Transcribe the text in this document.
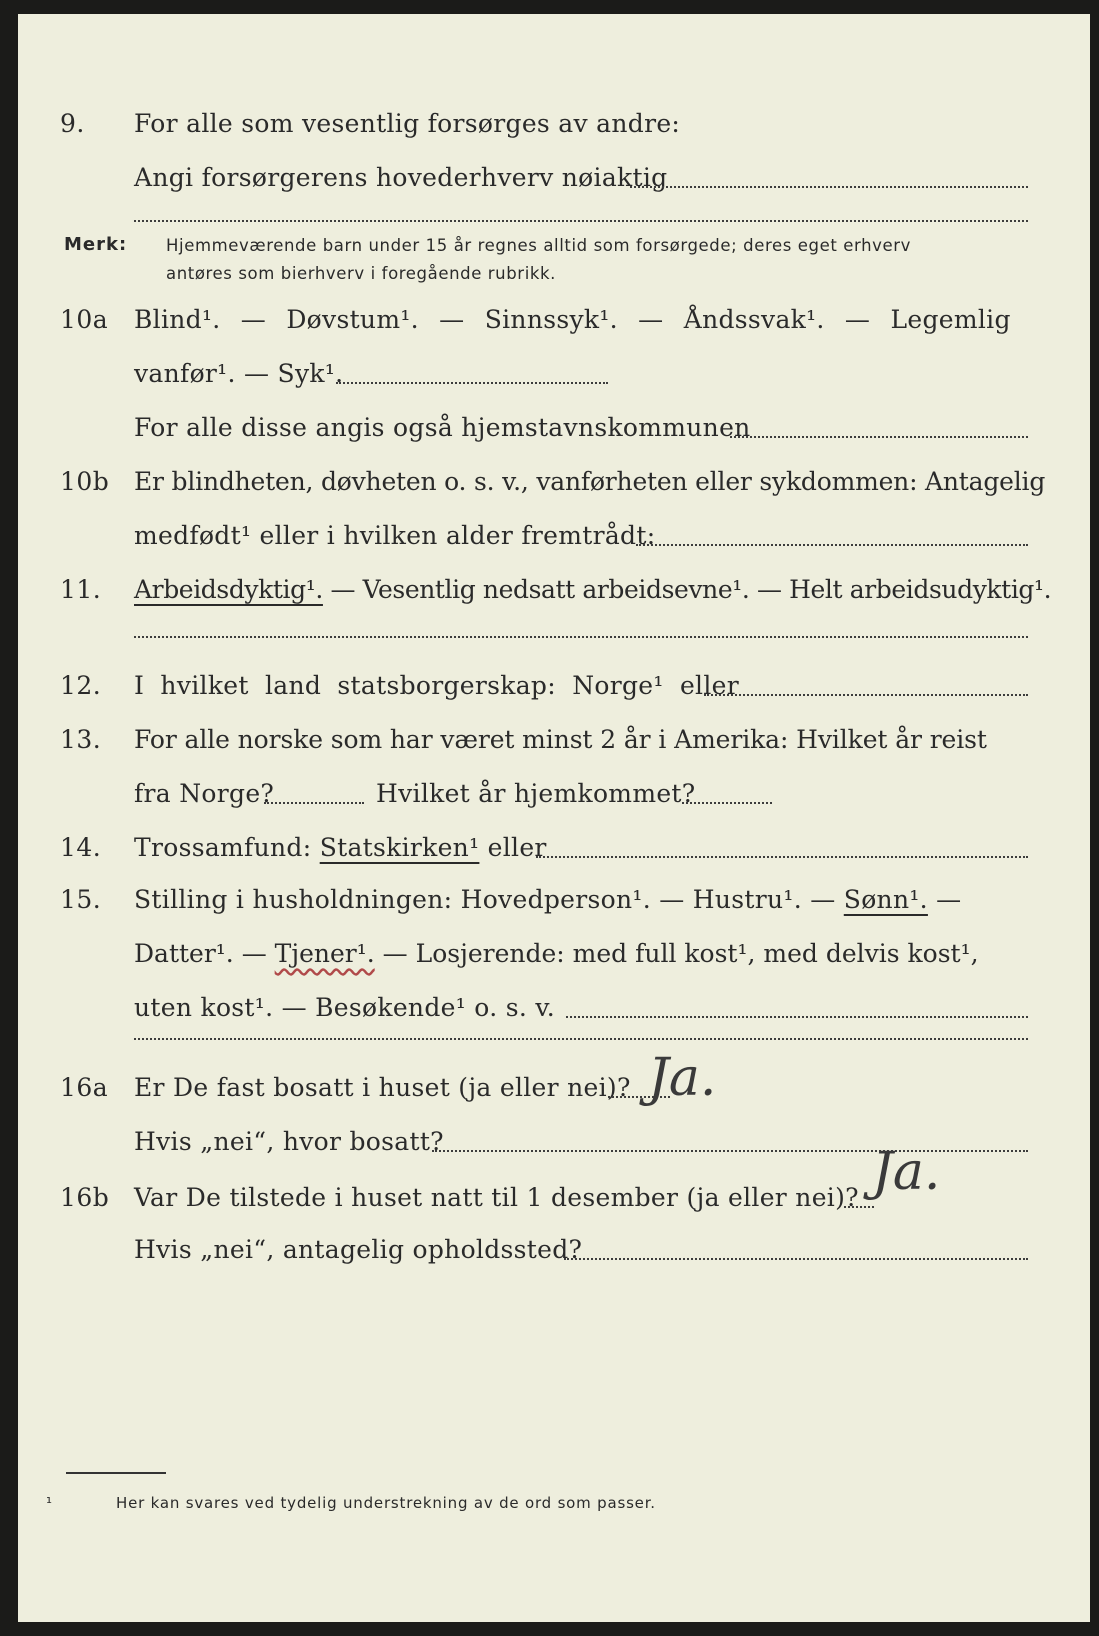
9. For alle som vesentlig forsørges av andre:
Angi forsørgerens hovederhverv nøiaktig
Merk: Hjemmeværende barn under 15 år regnes alltid som forsørgede; deres eget erhverv
antøres som bierhverv i foregående rubrikk.
10a Blind¹. — Døvstum¹. — Sinnssyk¹. — Åndssvak¹. — Legemlig
vanfør¹. — Syk¹.
For alle disse angis også hjemstavnskommunen
10b Er blindheten, døvheten o. s. v., vanførheten eller sykdommen: Antagelig
medfødt¹ eller i hvilken alder fremtrådt:
11. Arbeidsdyktig¹. — Vesentlig nedsatt arbeidsevne¹. — Helt arbeidsudyktig¹.
12. I hvilket land statsborgerskap: Norge¹ eller
13. For alle norske som har været minst 2 år i Amerika: Hvilket år reist
fra Norge?	Hvilket år hjemkommet?
14. Trossamfund: Statskirken¹ eller
15. Stilling i husholdningen: Hovedperson¹. — Hustru¹. — Sønn¹. —
Datter¹. — Tjener¹. — Losjerende: med full kost¹, med delvis kost¹,
uten kost¹. — Besøkende¹ o. s. v.
16a Er De fast bosatt i huset (ja eller nei)? Ja.
Hvis „nei“, hvor bosatt?
16b Var De tilstede i huset natt til 1 desember (ja eller nei)? Ja.
Hvis „nei“, antagelig opholdssted?
¹	Her kan svares ved tydelig understrekning av de ord som passer.
